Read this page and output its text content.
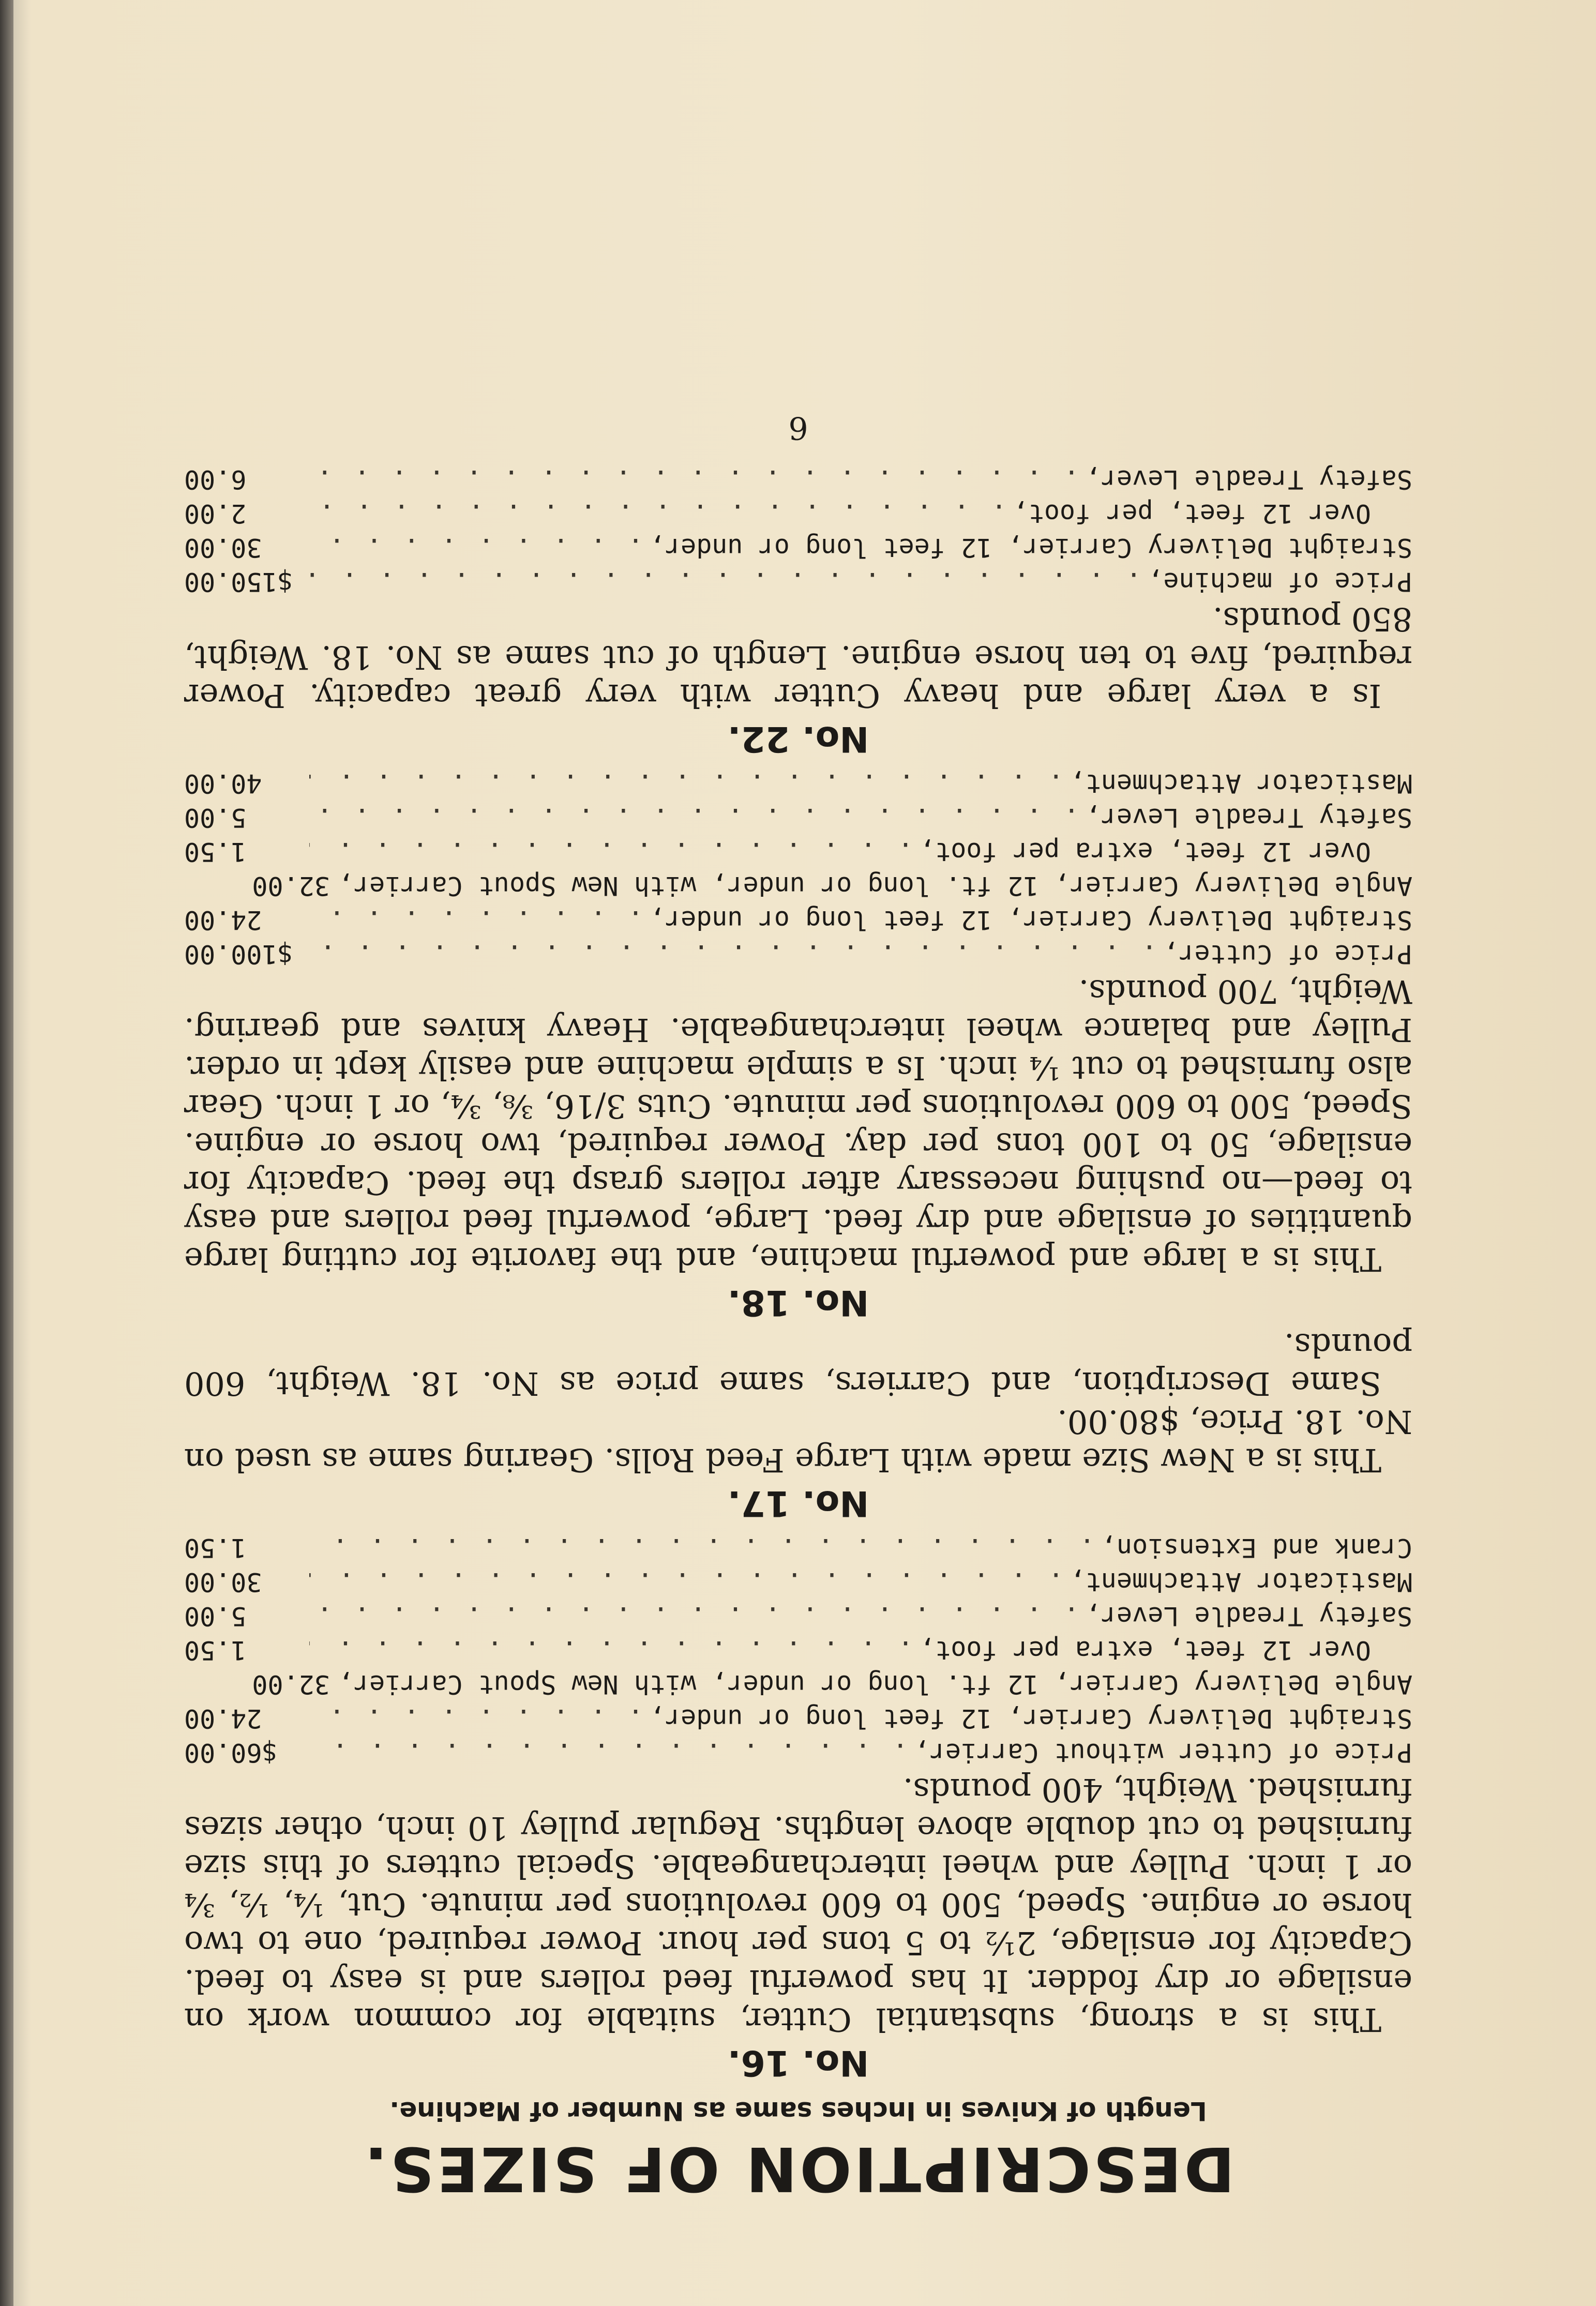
DESCRIPTION OF SIZES.
Length of Knives in Inches same as Number of Machine.
No. 16.

This is a strong, substantial Cutter, suitable for common work on ensilage or dry fodder. It has powerful feed rollers and is easy to feed. Capacity for ensilage, 2½ to 5 tons per hour. Power required, one to two horse or engine. Speed, 500 to 600 revolutions per minute. Cut, ¼, ½, ¾ or 1 inch. Pulley and wheel interchangeable. Special cutters of this size furnished to cut double above lengths. Regular pulley 10 inch, other sizes furnished. Weight, 400 pounds.

Price of Cutter without Carrier,
. . .
$60.00
Straight Delivery Carrier, 12 feet long or under,
. . .
24.00
Angle Delivery Carrier, 12 ft. long or under, with New Spout Carrier,
32.00
Over 12 feet, extra per foot,
. . .
1.50
Safety Treadle Lever,
. . .
5.00
Masticator Attachment,
. . .
30.00
Crank and Extension,
. . .
1.50
No. 17.

This is a New Size made with Large Feed Rolls. Gearing same as used on No. 18. Price, $80.00.

Same Description, and Carriers, same price as No. 18. Weight, 600 pounds.

No. 18.

This is a large and powerful machine, and the favorite for cutting large quantities of ensilage and dry feed. Large, powerful feed rollers and easy to feed—no pushing necessary after rollers grasp the feed. Capacity for ensilage, 50 to 100 tons per day. Power required, two horse or engine. Speed, 500 to 600 revolutions per minute. Cuts 3/16, ⅜, ¾, or 1 inch. Gear also furnished to cut ¼ inch. Is a simple machine and easily kept in order. Pulley and balance wheel interchangeable. Heavy knives and gearing. Weight, 700 pounds.

Price of Cutter,
. . .
$100.00
Straight Delivery Carrier, 12 feet long or under,
. . .
24.00
Angle Delivery Carrier, 12 ft. long or under, with New Spout Carrier,
32.00
Over 12 feet, extra per foot,
. . .
1.50
Safety Treadle Lever,
. . .
5.00
Masticator Attachment,
. . .
40.00
No. 22.

Is a very large and heavy Cutter with very great capacity. Power required, five to ten horse engine. Length of cut same as No. 18. Weight, 850 pounds.

Price of machine,
. . .
$150.00
Straight Delivery Carrier, 12 feet long or under,
. . .
30.00
Over 12 feet, per foot,
. . .
2.00
Safety Treadle Lever,
. . .
6.00
6
